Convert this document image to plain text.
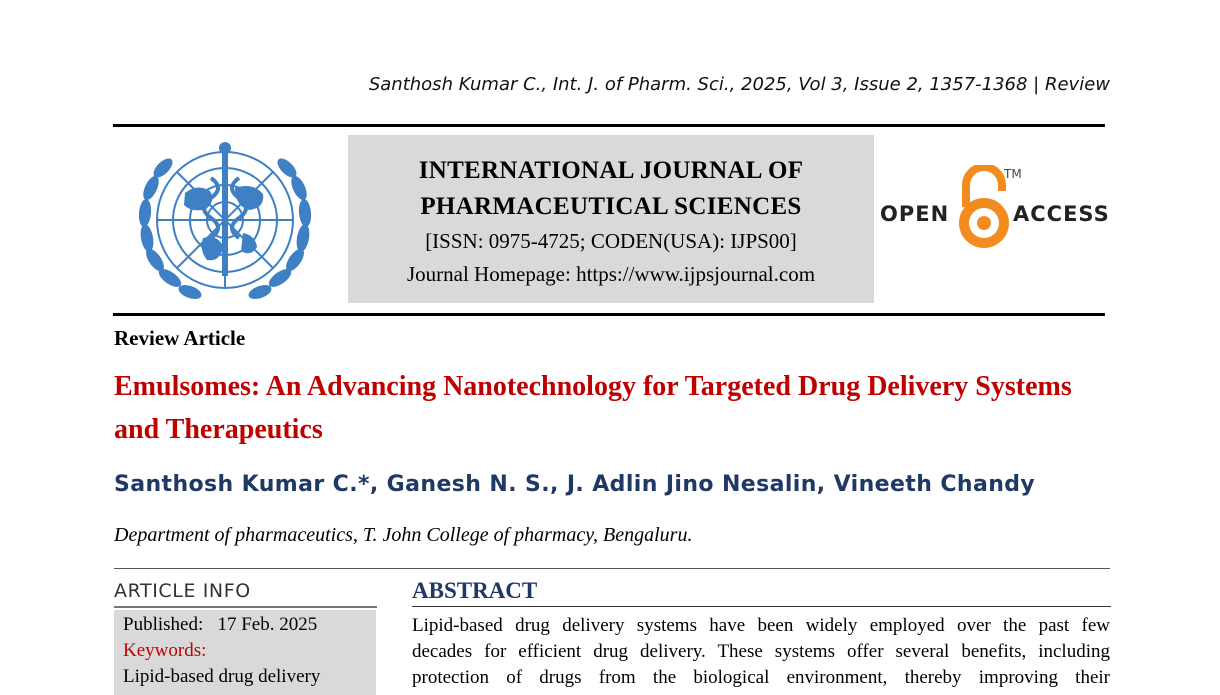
Santhosh Kumar C., Int. J. of Pharm. Sci., 2025, Vol 3, Issue 2, 1357-1368 | Review
INTERNATIONAL JOURNAL OF
PHARMACEUTICAL SCIENCES
[ISSN: 0975-4725; CODEN(USA): IJPS00]
Journal Homepage: https://www.ijpsjournal.com
OPEN
TM
ACCESS
Review Article
Emulsomes: An Advancing Nanotechnology for Targeted Drug Delivery Systems and Therapeutics
Santhosh Kumar C.*, Ganesh N. S., J. Adlin Jino Nesalin, Vineeth Chandy
Department of pharmaceutics, T. John College of pharmacy, Bengaluru.
ARTICLE INFO
Published:   17 Feb. 2025
Keywords:
Lipid-based drug delivery
ABSTRACT
Lipid-based drug delivery systems have been widely employed over the past few
decades for efficient drug delivery. These systems offer several benefits, including
protection of drugs from the biological environment, thereby improving their
